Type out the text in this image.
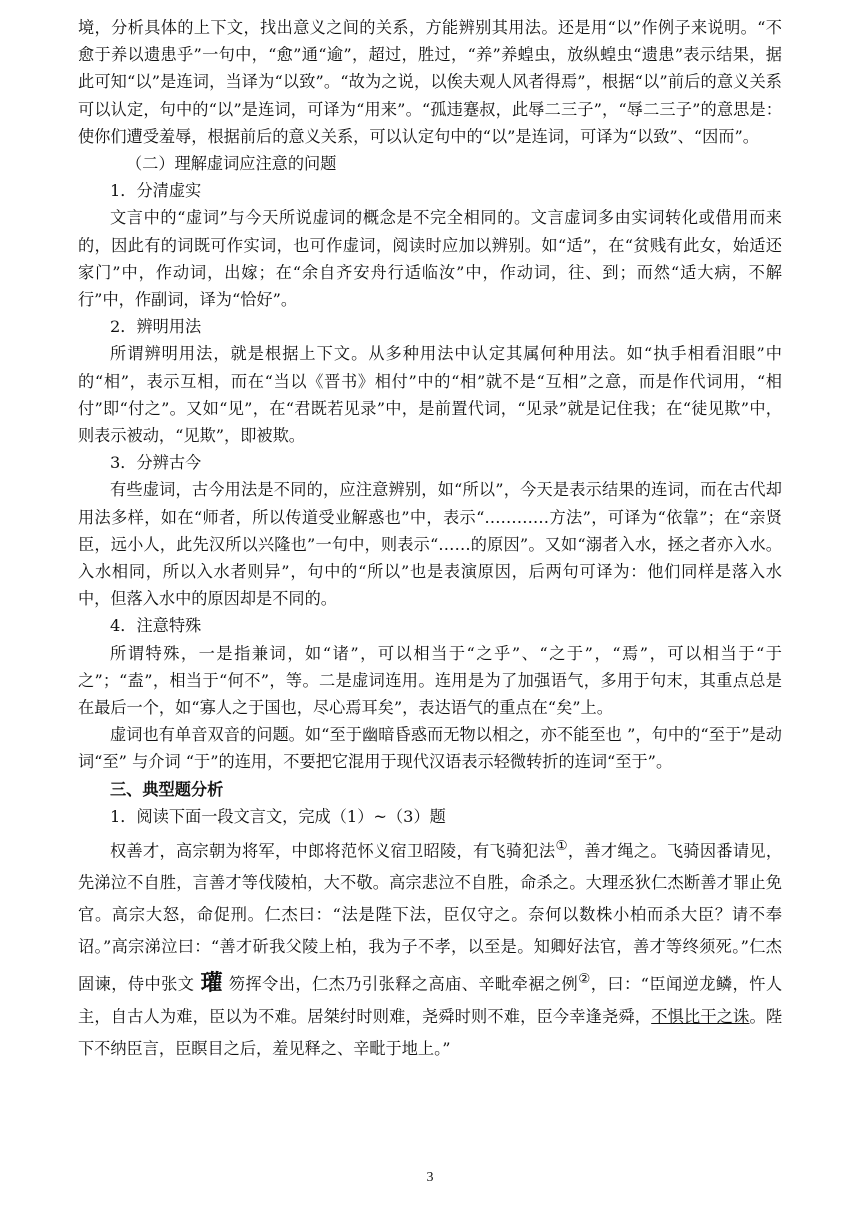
境，分析具体的上下文，找出意义之间的关系，方能辨别其用法。还是用“以”作例子来说明。“不愈于养以遗患乎”一句中，“愈”通“逾”，超过，胜过，“养”养蝗虫，放纵蝗虫“遗患”表示结果，据此可知“以”是连词，当译为“以致”。“故为之说，以俟夫观人风者得焉”，根据“以”前后的意义关系可以认定，句中的“以”是连词，可译为“用来”。“孤违蹇叔，此辱二三子”，“辱二三子”的意思是：使你们遭受羞辱，根据前后的意义关系，可以认定句中的“以”是连词，可译为“以致”、“因而”。

（二）理解虚词应注意的问题

1．分清虚实

文言中的“虚词”与今天所说虚词的概念是不完全相同的。文言虚词多由实词转化或借用而来的，因此有的词既可作实词，也可作虚词，阅读时应加以辨别。如“适”，在“贫贱有此女，始适还家门”中，作动词，出嫁；在“余自齐安舟行适临汝”中，作动词，往、到；而然“适大病，不解行”中，作副词，译为“恰好”。

2．辨明用法

所谓辨明用法，就是根据上下文。从多种用法中认定其属何种用法。如“执手相看泪眼”中的“相”，表示互相，而在“当以《晋书》相付”中的“相”就不是“互相”之意，而是作代词用，“相付”即“付之”。又如“见”，在“君既若见录”中，是前置代词，“见录”就是记住我；在“徒见欺”中，则表示被动，“见欺”，即被欺。

3．分辨古今

有些虚词，古今用法是不同的，应注意辨别，如“所以”，今天是表示结果的连词，而在古代却用法多样，如在“师者，所以传道受业解惑也”中，表示“…………方法”，可译为“依靠”；在“亲贤臣，远小人，此先汉所以兴隆也”一句中，则表示“……的原因”。又如“溺者入水，拯之者亦入水。入水相同，所以入水者则异”，句中的“所以”也是表演原因，后两句可译为：他们同样是落入水中，但落入水中的原因却是不同的。

4．注意特殊

所谓特殊，一是指兼词，如“诸”，可以相当于“之乎”、“之于”，“焉”，可以相当于“于之”；“盍”，相当于“何不”，等。二是虚词连用。连用是为了加强语气，多用于句末，其重点总是在最后一个，如“寡人之于国也，尽心焉耳矣”，表达语气的重点在“矣”上。

虚词也有单音双音的问题。如“至于幽暗昏惑而无物以相之，亦不能至也 ”，句中的“至于”是动词“至” 与介词 “于”的连用，不要把它混用于现代汉语表示轻微转折的连词“至于”。

三、典型题分析

1．阅读下面一段文言文，完成（1）~（3）题

权善才，高宗朝为将军，中郎将范怀义宿卫昭陵，有飞骑犯法①，善才绳之。飞骑因番请见，先涕泣不自胜，言善才等伐陵柏，大不敬。高宗悲泣不自胜，命杀之。大理丞狄仁杰断善才罪止免官。高宗大怒，命促刑。仁杰曰：“法是陛下法，臣仅守之。奈何以数株小柏而杀大臣？请不奉诏。”高宗涕泣曰：“善才斫我父陵上柏，我为子不孝，以至是。知卿好法官，善才等终须死。”仁杰固谏，侍中张文 瓘 笏挥令出，仁杰乃引张释之高庙、辛毗牵裾之例②，曰：“臣闻逆龙鳞，忤人主，自古人为难，臣以为不难。居桀纣时则难，尧舜时则不难，臣今幸逢尧舜，不惧比干之诛。陛下不纳臣言，臣瞑目之后，羞见释之、辛毗于地上。”

3
